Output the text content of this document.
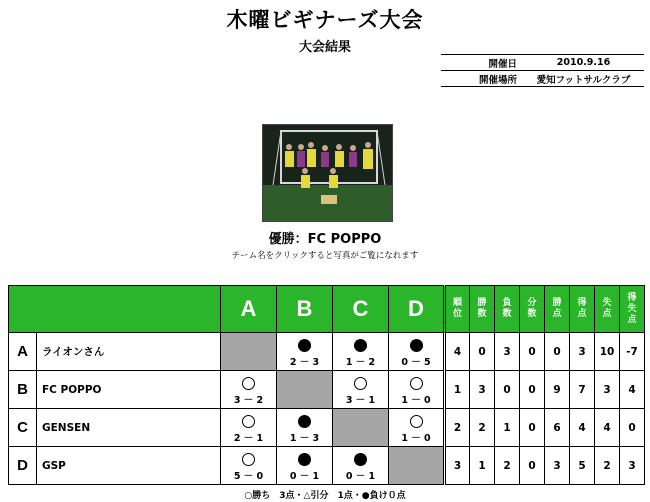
木曜ビギナーズ大会
大会結果
開催日	2010.9.16
開催場所	愛知フットサルクラブ
優勝：FC POPPO
チーム名をクリックすると写真がご覧になれます
		A	B	C	D	順位	勝数	負数	分数	勝点	得点	失点	得失点

A	ライオンさん		2 － 3	1 － 2	0 － 5	4	0	3	0	0	3	10	-7
B	FC POPPO	3 － 2		3 － 1	1 － 0	1	3	0	0	9	7	3	4
C	GENSEN	2 － 1	1 － 3		1 － 0	2	2	1	0	6	4	4	0
D	GSP	5 － 0	0 － 1	0 － 1		3	1	2	0	3	5	2	3
○勝ち　3点・△引分　1点・●負け０点
